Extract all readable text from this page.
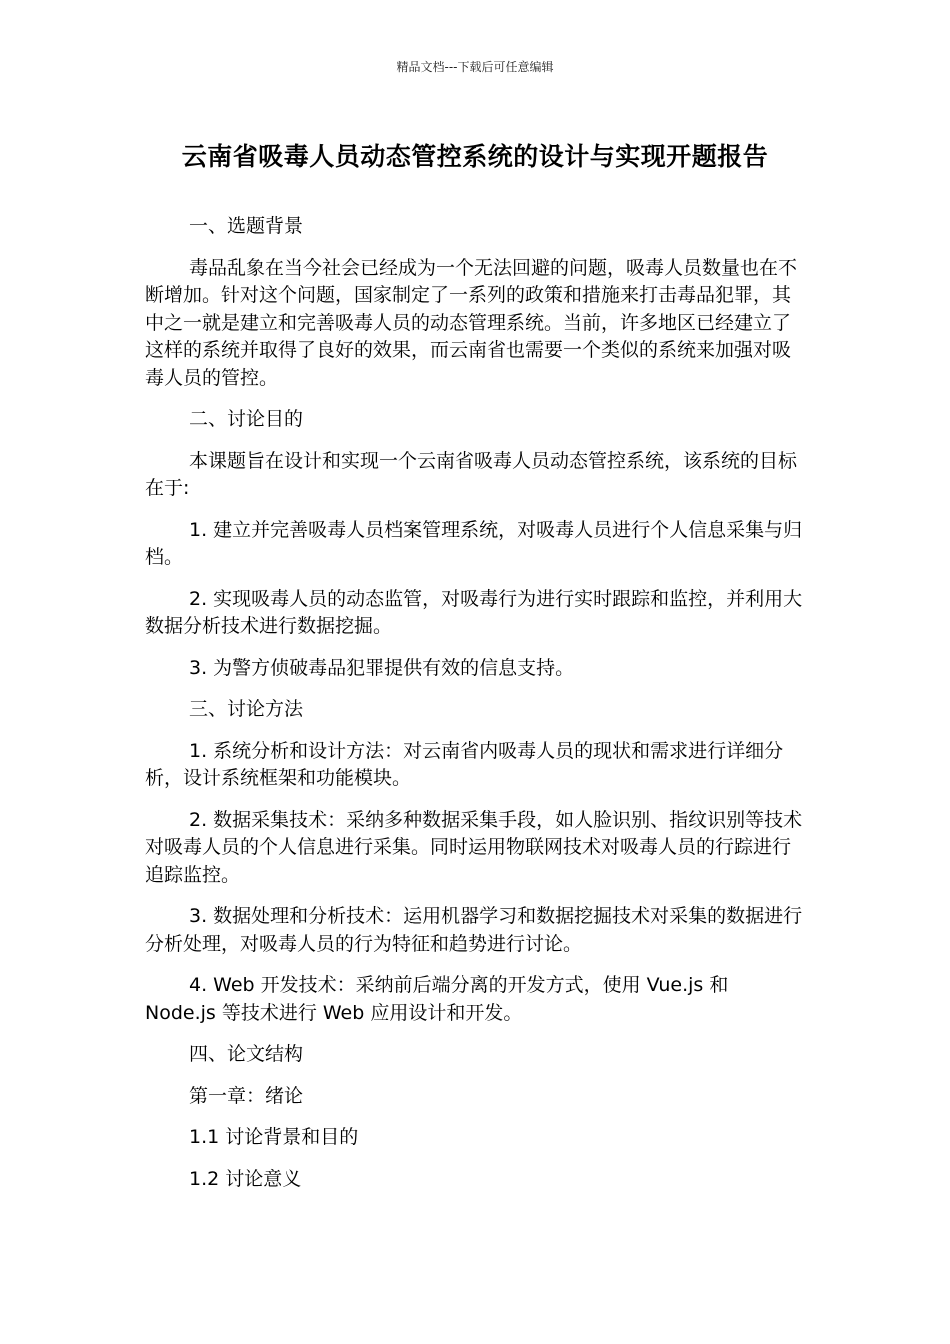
精品文档---下载后可任意编辑
云南省吸毒人员动态管控系统的设计与实现开题报告

一、选题背景

毒品乱象在当今社会已经成为一个无法回避的问题，吸毒人员数量也在不断增加。针对这个问题，国家制定了一系列的政策和措施来打击毒品犯罪，其中之一就是建立和完善吸毒人员的动态管理系统。当前，许多地区已经建立了这样的系统并取得了良好的效果，而云南省也需要一个类似的系统来加强对吸毒人员的管控。

二、讨论目的

本课题旨在设计和实现一个云南省吸毒人员动态管控系统，该系统的目标在于:

1. 建立并完善吸毒人员档案管理系统，对吸毒人员进行个人信息采集与归档。

2. 实现吸毒人员的动态监管，对吸毒行为进行实时跟踪和监控，并利用大数据分析技术进行数据挖掘。

3. 为警方侦破毒品犯罪提供有效的信息支持。

三、讨论方法

1. 系统分析和设计方法：对云南省内吸毒人员的现状和需求进行详细分析，设计系统框架和功能模块。

2. 数据采集技术：采纳多种数据采集手段，如人脸识别、指纹识别等技术对吸毒人员的个人信息进行采集。同时运用物联网技术对吸毒人员的行踪进行追踪监控。

3. 数据处理和分析技术：运用机器学习和数据挖掘技术对采集的数据进行分析处理，对吸毒人员的行为特征和趋势进行讨论。

4. Web 开发技术：采纳前后端分离的开发方式，使用 Vue.js 和 Node.js 等技术进行 Web 应用设计和开发。

四、论文结构

第一章：绪论

1.1 讨论背景和目的

1.2 讨论意义
